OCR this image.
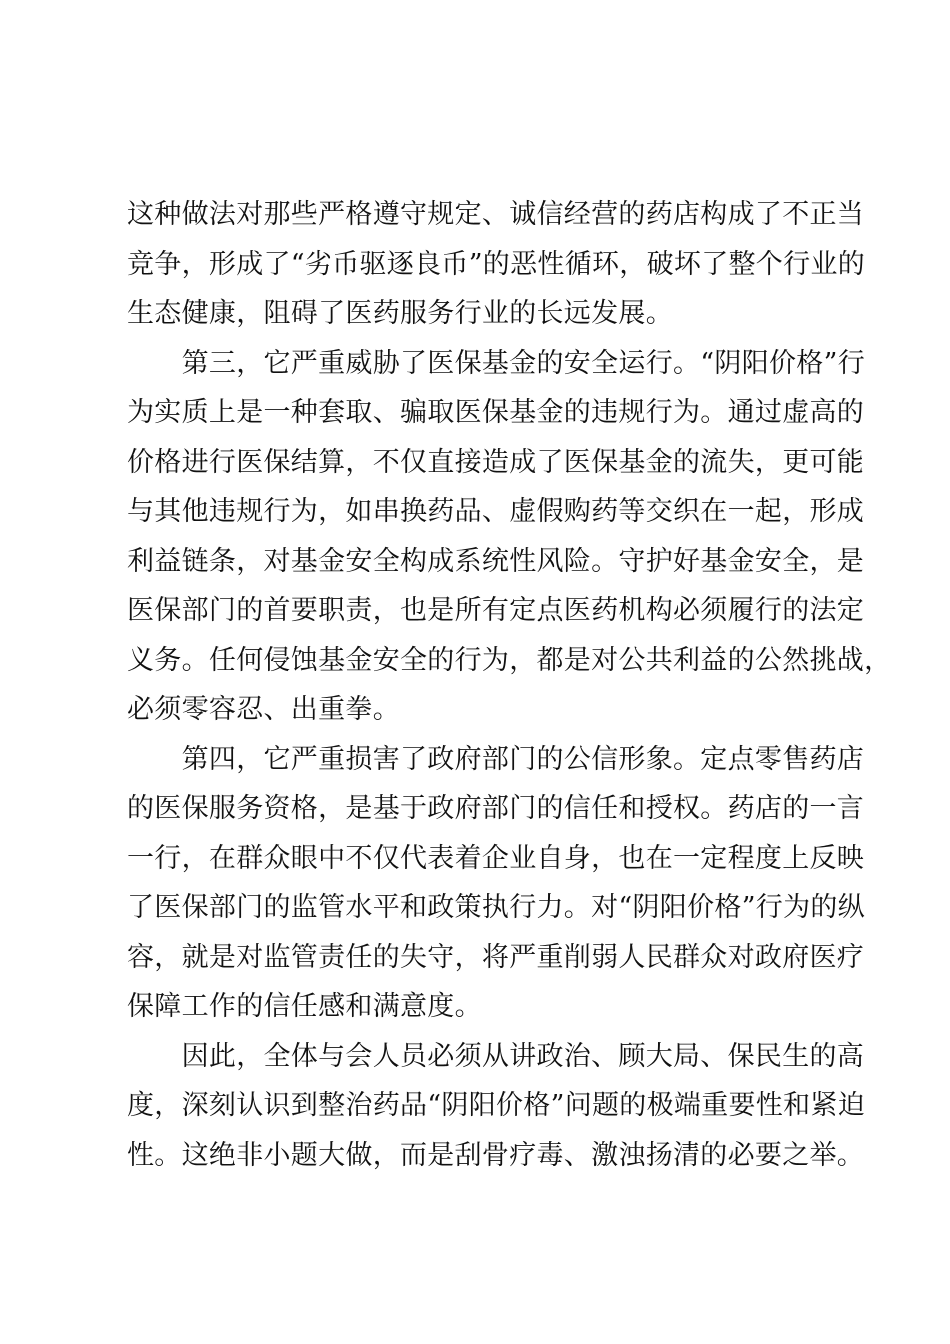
这种做法对那些严格遵守规定、诚信经营的药店构成了不正当
竞争，形成了“劣币驱逐良币”的恶性循环，破坏了整个行业的
生态健康，阻碍了医药服务行业的长远发展。
　　第三，它严重威胁了医保基金的安全运行。“阴阳价格”行
为实质上是一种套取、骗取医保基金的违规行为。通过虚高的
价格进行医保结算，不仅直接造成了医保基金的流失，更可能
与其他违规行为，如串换药品、虚假购药等交织在一起，形成
利益链条，对基金安全构成系统性风险。守护好基金安全，是
医保部门的首要职责，也是所有定点医药机构必须履行的法定
义务。任何侵蚀基金安全的行为，都是对公共利益的公然挑战，
必须零容忍、出重拳。
　　第四，它严重损害了政府部门的公信形象。定点零售药店
的医保服务资格，是基于政府部门的信任和授权。药店的一言
一行，在群众眼中不仅代表着企业自身，也在一定程度上反映
了医保部门的监管水平和政策执行力。对“阴阳价格”行为的纵
容，就是对监管责任的失守，将严重削弱人民群众对政府医疗
保障工作的信任感和满意度。
　　因此，全体与会人员必须从讲政治、顾大局、保民生的高
度，深刻认识到整治药品“阴阳价格”问题的极端重要性和紧迫
性。这绝非小题大做，而是刮骨疗毒、激浊扬清的必要之举。
